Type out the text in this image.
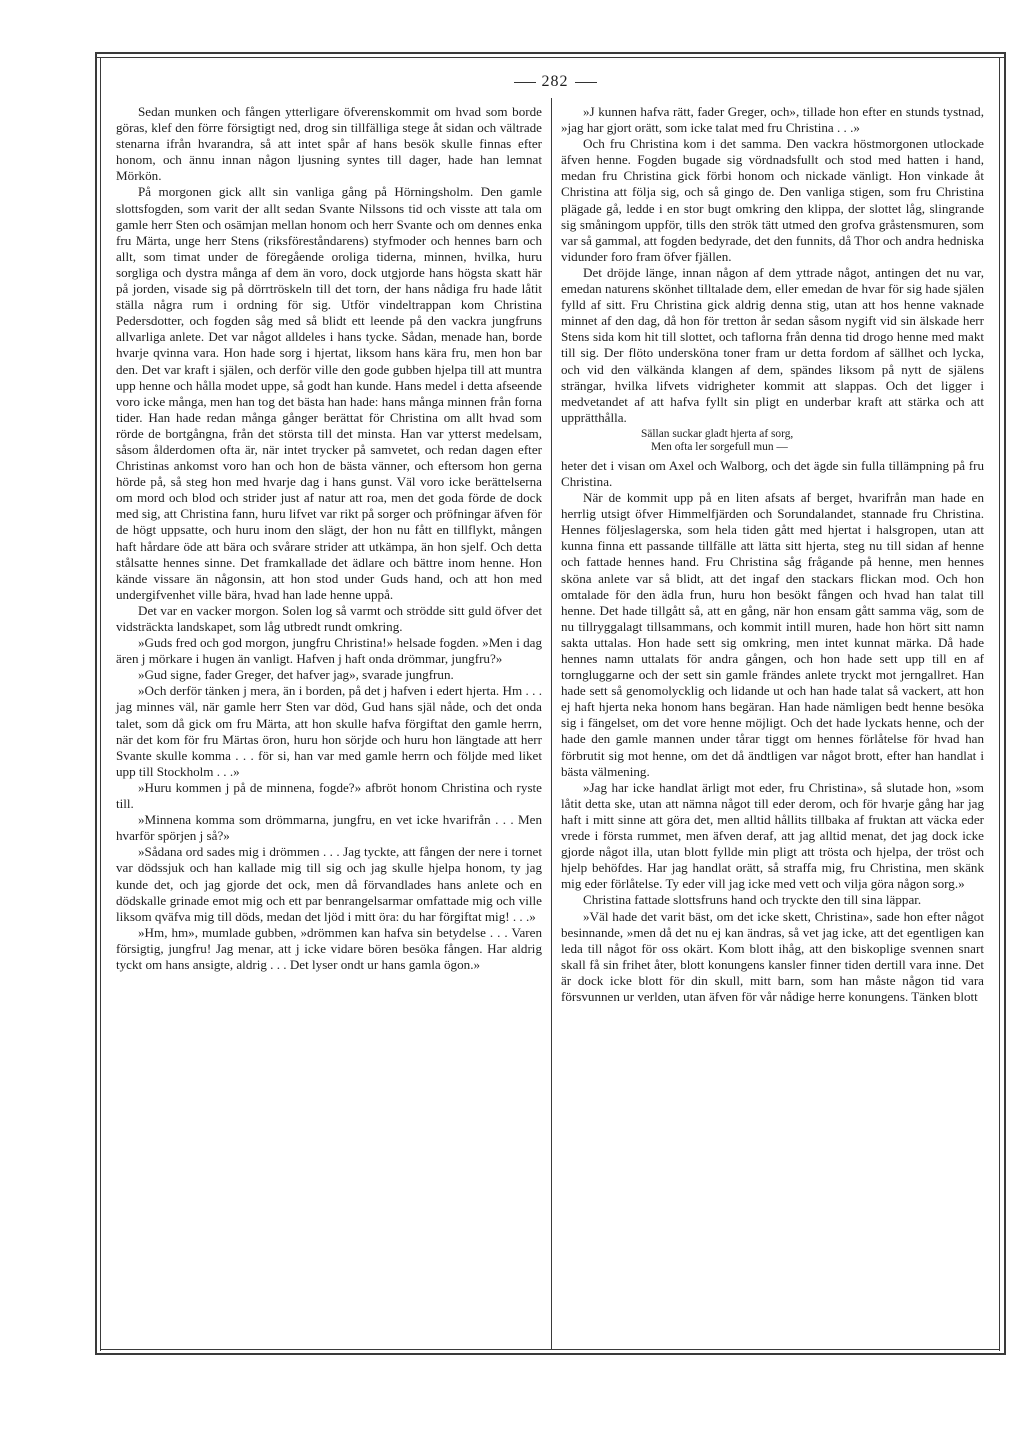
282

Sedan munken och fången ytterligare öfverenskommit om hvad som borde göras, klef den förre försigtigt ned, drog sin tillfälliga stege åt sidan och vältrade stenarna ifrån hvarandra, så att intet spår af hans besök skulle finnas efter honom, och ännu innan någon ljusning syntes till dager, hade han lemnat Mörkön.

På morgonen gick allt sin vanliga gång på Hörningsholm. Den gamle slottsfogden, som varit der allt sedan Svante Nilssons tid och visste att tala om gamle herr Sten och osämjan mellan honom och herr Svante och om dennes enka fru Märta, unge herr Stens (riksföreståndarens) styfmoder och hennes barn och allt, som timat under de föregående oroliga tiderna, minnen, hvilka, huru sorgliga och dystra många af dem än voro, dock utgjorde hans högsta skatt här på jorden, visade sig på dörrtröskeln till det torn, der hans nådiga fru hade låtit ställa några rum i ordning för sig. Utför vindeltrappan kom Christina Pedersdotter, och fogden såg med så blidt ett leende på den vackra jungfruns allvarliga anlete. Det var något alldeles i hans tycke. Sådan, menade han, borde hvarje qvinna vara. Hon hade sorg i hjertat, liksom hans kära fru, men hon bar den. Det var kraft i själen, och derför ville den gode gubben hjelpa till att muntra upp henne och hålla modet uppe, så godt han kunde. Hans medel i detta afseende voro icke många, men han tog det bästa han hade: hans många minnen från forna tider. Han hade redan många gånger berättat för Christina om allt hvad som rörde de bortgångna, från det största till det minsta. Han var ytterst medelsam, såsom ålderdomen ofta är, när intet trycker på samvetet, och redan dagen efter Christinas ankomst voro han och hon de bästa vänner, och eftersom hon gerna hörde på, så steg hon med hvarje dag i hans gunst. Väl voro icke berättelserna om mord och blod och strider just af natur att roa, men det goda förde de dock med sig, att Christina fann, huru lifvet var rikt på sorger och pröfningar äfven för de högt uppsatte, och huru inom den slägt, der hon nu fått en tillflykt, mången haft hårdare öde att bära och svårare strider att utkämpa, än hon sjelf. Och detta stålsatte hennes sinne. Det framkallade det ädlare och bättre inom henne. Hon kände vissare än någonsin, att hon stod under Guds hand, och att hon med undergifvenhet ville bära, hvad han lade henne uppå.

Det var en vacker morgon. Solen log så varmt och strödde sitt guld öfver det vidsträckta landskapet, som låg utbredt rundt omkring.

»Guds fred och god morgon, jungfru Christina!» helsade fogden. »Men i dag ären j mörkare i hugen än vanligt. Hafven j haft onda drömmar, jungfru?»

»Gud signe, fader Greger, det hafver jag», svarade jungfrun.

»Och derför tänken j mera, än i borden, på det j hafven i edert hjerta. Hm . . . jag minnes väl, när gamle herr Sten var död, Gud hans själ nåde, och det onda talet, som då gick om fru Märta, att hon skulle hafva förgiftat den gamle herrn, när det kom för fru Märtas öron, huru hon sörjde och huru hon längtade att herr Svante skulle komma . . . för si, han var med gamle herrn och följde med liket upp till Stockholm . . .»

»Huru kommen j på de minnena, fogde?» afbröt honom Christina och ryste till.

»Minnena komma som drömmarna, jungfru, en vet icke hvarifrån . . . Men hvarför spörjen j så?»

»Sådana ord sades mig i drömmen . . . Jag tyckte, att fången der nere i tornet var dödssjuk och han kallade mig till sig och jag skulle hjelpa honom, ty jag kunde det, och jag gjorde det ock, men då förvandlades hans anlete och en dödskalle grinade emot mig och ett par benrangelsarmar omfattade mig och ville liksom qväfva mig till döds, medan det ljöd i mitt öra: du har förgiftat mig! . . .»

»Hm, hm», mumlade gubben, »drömmen kan hafva sin betydelse . . . Varen försigtig, jungfru! Jag menar, att j icke vidare bören besöka fången. Har aldrig tyckt om hans ansigte, aldrig . . . Det lyser ondt ur hans gamla ögon.»

»J kunnen hafva rätt, fader Greger, och», tillade hon efter en stunds tystnad, »jag har gjort orätt, som icke talat med fru Christina . . .»

Och fru Christina kom i det samma. Den vackra höstmorgonen utlockade äfven henne. Fogden bugade sig vördnadsfullt och stod med hatten i hand, medan fru Christina gick förbi honom och nickade vänligt. Hon vinkade åt Christina att följa sig, och så gingo de. Den vanliga stigen, som fru Christina plägade gå, ledde i en stor bugt omkring den klippa, der slottet låg, slingrande sig småningom uppför, tills den strök tätt utmed den grofva gråstensmuren, som var så gammal, att fogden bedyrade, det den funnits, då Thor och andra hedniska vidunder foro fram öfver fjällen.

Det dröjde länge, innan någon af dem yttrade något, antingen det nu var, emedan naturens skönhet tilltalade dem, eller emedan de hvar för sig hade själen fylld af sitt. Fru Christina gick aldrig denna stig, utan att hos henne vaknade minnet af den dag, då hon för tretton år sedan såsom nygift vid sin älskade herr Stens sida kom hit till slottet, och taflorna från denna tid drogo henne med makt till sig. Der flöto undersköna toner fram ur detta fordom af sällhet och lycka, och vid den välkända klangen af dem, spändes liksom på nytt de själens strängar, hvilka lifvets vidrigheter kommit att slappas. Och det ligger i medvetandet af att hafva fyllt sin pligt en underbar kraft att stärka och att upprätthålla.

Sällan suckar gladt hjerta af sorg,
Men ofta ler sorgefull mun —

heter det i visan om Axel och Walborg, och det ägde sin fulla tillämpning på fru Christina.

När de kommit upp på en liten afsats af berget, hvarifrån man hade en herrlig utsigt öfver Himmelfjärden och Sorundalandet, stannade fru Christina. Hennes följeslagerska, som hela tiden gått med hjertat i halsgropen, utan att kunna finna ett passande tillfälle att lätta sitt hjerta, steg nu till sidan af henne och fattade hennes hand. Fru Christina såg frågande på henne, men hennes sköna anlete var så blidt, att det ingaf den stackars flickan mod. Och hon omtalade för den ädla frun, huru hon besökt fången och hvad han talat till henne. Det hade tillgått så, att en gång, när hon ensam gått samma väg, som de nu tillryggalagt tillsammans, och kommit intill muren, hade hon hört sitt namn sakta uttalas. Hon hade sett sig omkring, men intet kunnat märka. Då hade hennes namn uttalats för andra gången, och hon hade sett upp till en af torngluggarne och der sett sin gamle frändes anlete tryckt mot jerngallret. Han hade sett så genomolycklig och lidande ut och han hade talat så vackert, att hon ej haft hjerta neka honom hans begäran. Han hade nämligen bedt henne besöka sig i fängelset, om det vore henne möjligt. Och det hade lyckats henne, och der hade den gamle mannen under tårar tiggt om hennes förlåtelse för hvad han förbrutit sig mot henne, om det då ändtligen var något brott, efter han handlat i bästa välmening.

»Jag har icke handlat ärligt mot eder, fru Christina», så slutade hon, »som låtit detta ske, utan att nämna något till eder derom, och för hvarje gång har jag haft i mitt sinne att göra det, men alltid hållits tillbaka af fruktan att väcka eder vrede i första rummet, men äfven deraf, att jag alltid menat, det jag dock icke gjorde något illa, utan blott fyllde min pligt att trösta och hjelpa, der tröst och hjelp behöfdes. Har jag handlat orätt, så straffa mig, fru Christina, men skänk mig eder förlåtelse. Ty eder vill jag icke med vett och vilja göra någon sorg.»

Christina fattade slottsfruns hand och tryckte den till sina läppar.

»Väl hade det varit bäst, om det icke skett, Christina», sade hon efter något besinnande, »men då det nu ej kan ändras, så vet jag icke, att det egentligen kan leda till något för oss okärt. Kom blott ihåg, att den biskoplige svennen snart skall få sin frihet åter, blott konungens kansler finner tiden dertill vara inne. Det är dock icke blott för din skull, mitt barn, som han måste någon tid vara försvunnen ur verlden, utan äfven för vår nådige herre konungens. Tänken blott
